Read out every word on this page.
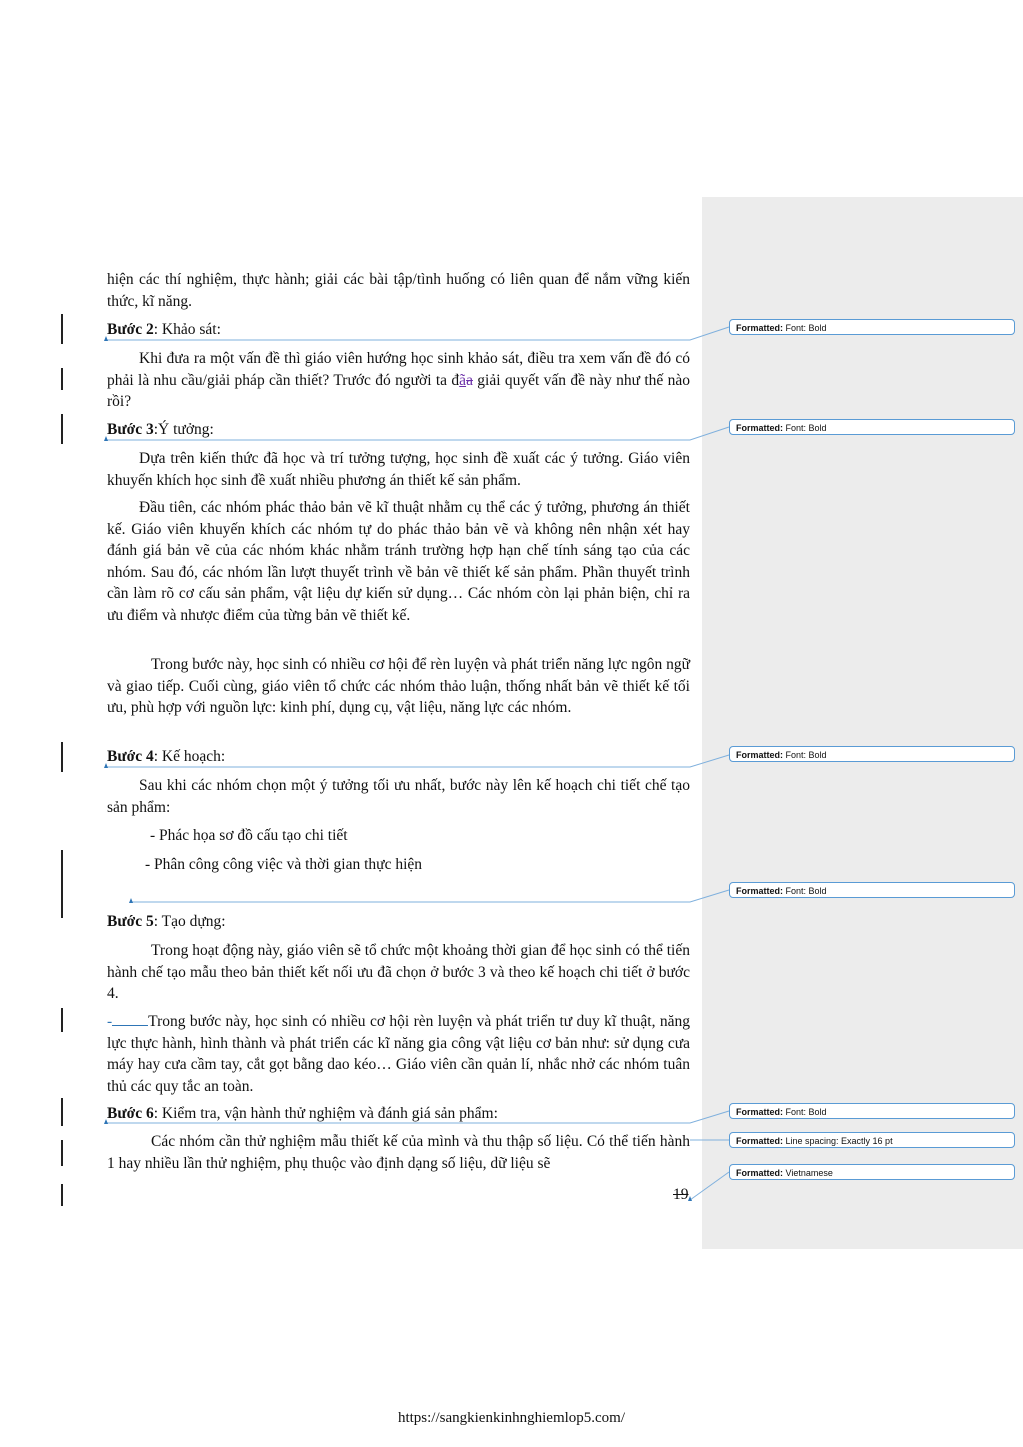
hiện các thí nghiệm, thực hành; giải các bài tập/tình huống có liên quan để nắm vững kiến thức, kĩ năng.

Bước 2: Khảo sát:

Khi đưa ra một vấn đề thì giáo viên hướng học sinh khảo sát, điều tra xem vấn đề đó có phải là nhu cầu/giải pháp cần thiết? Trước đó người ta đãa giải quyết vấn đề này như thế nào rồi?

Bước 3:Ý tưởng:

Dựa trên kiến thức đã học và trí tưởng tượng, học sinh đề xuất các ý tưởng. Giáo viên khuyến khích học sinh đề xuất nhiều phương án thiết kế sản phẩm.

Đầu tiên, các nhóm phác thảo bản vẽ kĩ thuật nhằm cụ thể các ý tưởng, phương án thiết kế. Giáo viên khuyến khích các nhóm tự do phác thảo bản vẽ và không nên nhận xét hay đánh giá bản vẽ của các nhóm khác nhằm tránh trường hợp hạn chế tính sáng tạo của các nhóm. Sau đó, các nhóm lần lượt thuyết trình về bản vẽ thiết kế sản phẩm. Phần thuyết trình cần làm rõ cơ cấu sản phẩm, vật liệu dự kiến sử dụng… Các nhóm còn lại phản biện, chỉ ra ưu điểm và nhược điểm của từng bản vẽ thiết kế.

Trong bước này, học sinh có nhiều cơ hội để rèn luyện và phát triển năng lực ngôn ngữ và giao tiếp. Cuối cùng, giáo viên tổ chức các nhóm thảo luận, thống nhất bản vẽ thiết kế tối ưu, phù hợp với nguồn lực: kinh phí, dụng cụ, vật liệu, năng lực các nhóm.

Bước 4: Kế hoạch:

Sau khi các nhóm chọn một ý tưởng tối ưu nhất, bước này lên kế hoạch chi tiết chế tạo sản phẩm:

- Phác họa sơ đồ cấu tạo chi tiết

- Phân công công việc và thời gian thực hiện

Bước 5: Tạo dựng:

Trong hoạt động này, giáo viên sẽ tổ chức một khoảng thời gian để học sinh có thể tiến hành chế tạo mẫu theo bản thiết kết nối ưu đã chọn ở bước 3 và theo kế hoạch chi tiết ở bước 4.

- Trong bước này, học sinh có nhiều cơ hội rèn luyện và phát triển tư duy kĩ thuật, năng lực thực hành, hình thành và phát triển các kĩ năng gia công vật liệu cơ bản như: sử dụng cưa máy hay cưa cầm tay, cắt gọt bằng dao kéo… Giáo viên cần quản lí, nhắc nhở các nhóm tuân thủ các quy tắc an toàn.

Bước 6: Kiểm tra, vận hành thử nghiệm và đánh giá sản phẩm:

Các nhóm cần thử nghiệm mẫu thiết kế của mình và thu thập số liệu. Có thể tiến hành 1 hay nhiều lần thử nghiệm, phụ thuộc vào định dạng số liệu, dữ liệu sẽ

19
Formatted: Font: Bold
Formatted: Font: Bold
Formatted: Font: Bold
Formatted: Font: Bold
Formatted: Font: Bold
Formatted: Line spacing: Exactly 16 pt
Formatted: Vietnamese
https://sangkienkinhnghiemlop5.com/
